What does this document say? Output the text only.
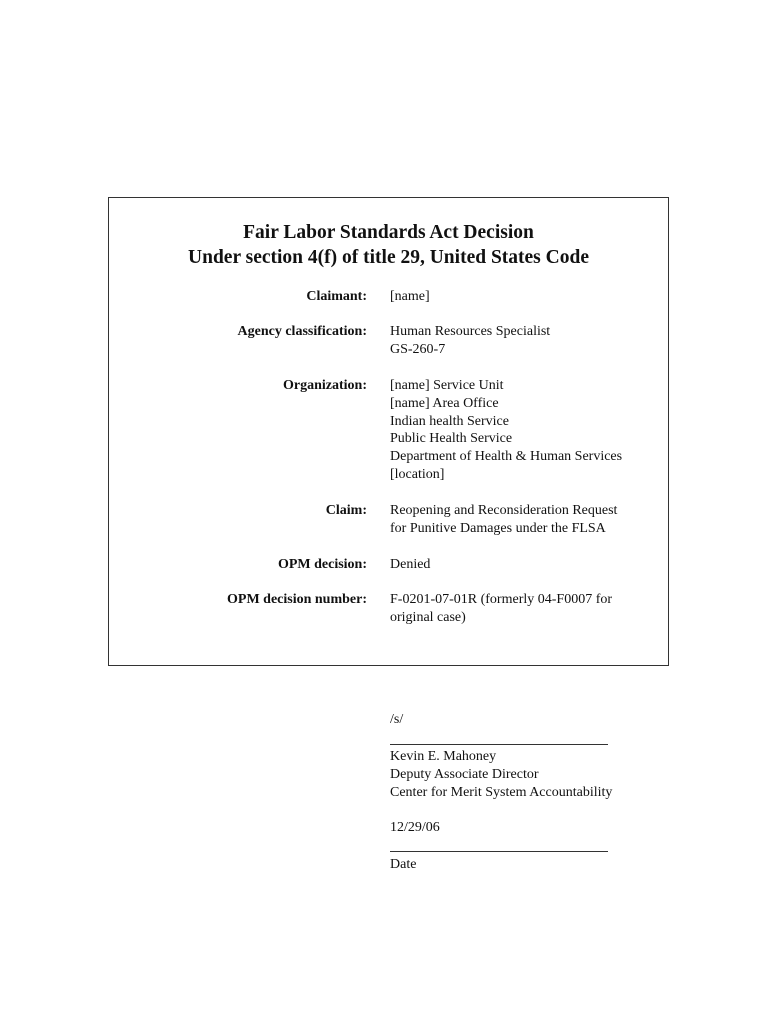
Fair Labor Standards Act Decision
Under section 4(f) of title 29, United States Code
Claimant: [name]
Agency classification: Human Resources Specialist
GS-260-7
Organization: [name] Service Unit
[name] Area Office
Indian health Service
Public Health Service
Department of Health & Human Services
[location]
Claim: Reopening and Reconsideration Request
for Punitive Damages under the FLSA
OPM decision: Denied
OPM decision number: F-0201-07-01R (formerly 04-F0007 for
original case)
/s/
Kevin E. Mahoney
Deputy Associate Director
Center for Merit System Accountability
12/29/06
Date
